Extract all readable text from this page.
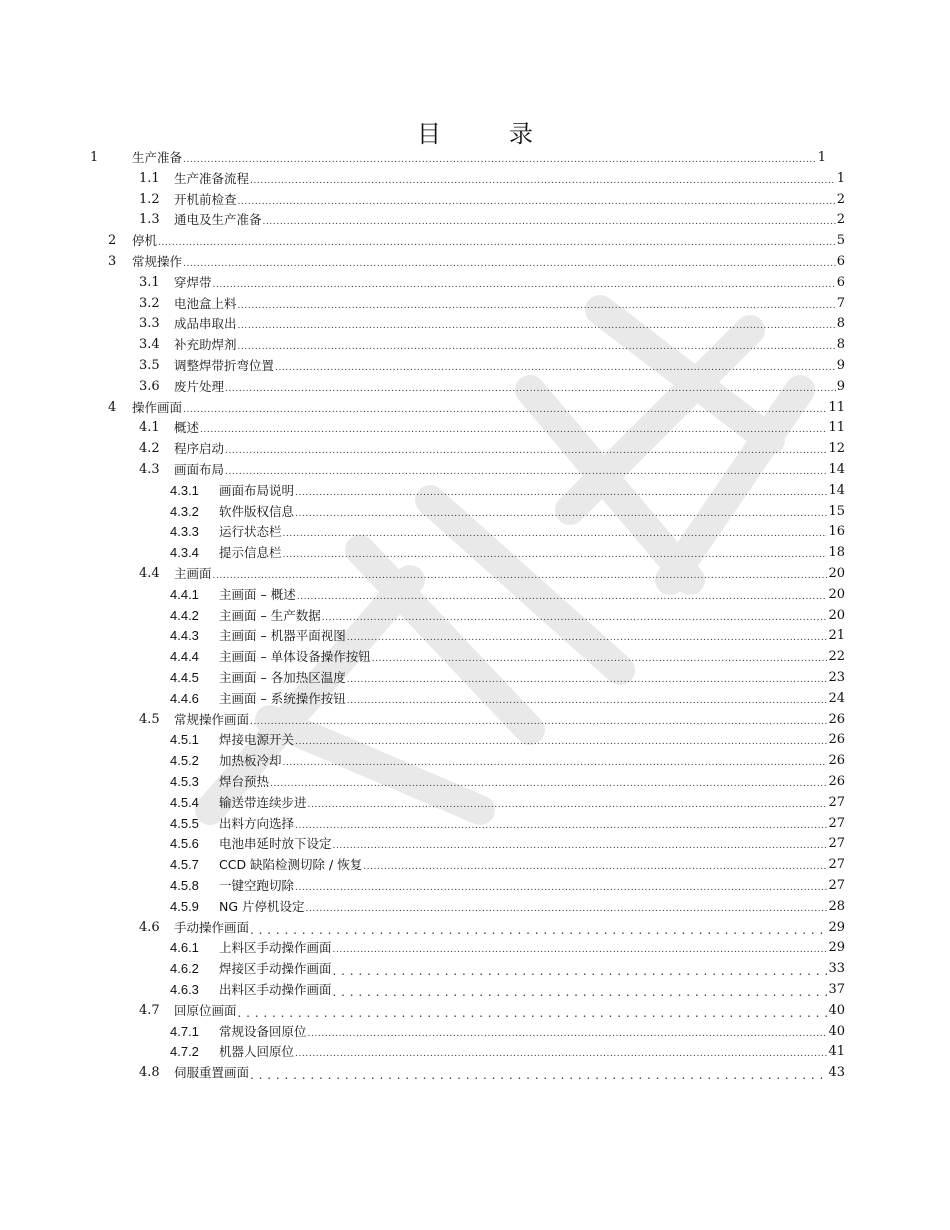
目　录
1	生产准备 .....	1
1.1	生产准备流程 .....	1
1.2	开机前检查 .....	2
1.3	通电及生产准备 .....	2
2	停机 .....	5
3	常规操作 .....	6
3.1	穿焊带 .....	6
3.2	电池盒上料 .....	7
3.3	成品串取出 .....	8
3.4	补充助焊剂 .....	8
3.5	调整焊带折弯位置 .....	9
3.6	废片处理 .....	9
4	操作画面 .....	11
4.1	概述 .....	11
4.2	程序启动 .....	12
4.3	画面布局 .....	14
4.3.1	画面布局说明 .....	14
4.3.2	软件版权信息 .....	15
4.3.3	运行状态栏 .....	16
4.3.4	提示信息栏 .....	18
4.4	主画面 .....	20
4.4.1	主画面 – 概述 .....	20
4.4.2	主画面 – 生产数据 .....	20
4.4.3	主画面 – 机器平面视图 .....	21
4.4.4	主画面 – 单体设备操作按钮 .....	22
4.4.5	主画面 – 各加热区温度 .....	23
4.4.6	主画面 – 系统操作按钮 .....	24
4.5	常规操作画面 .....	26
4.5.1	焊接电源开关 .....	26
4.5.2	加热板冷却 .....	26
4.5.3	焊台预热 .....	26
4.5.4	输送带连续步进 .....	27
4.5.5	出料方向选择 .....	27
4.5.6	电池串延时放下设定 .....	27
4.5.7	CCD 缺陷检测切除 / 恢复 .....	27
4.5.8	一键空跑切除 .....	27
4.5.9	NG 片停机设定 .....	28
4.6	手动操作画面 . . .	29
4.6.1	上料区手动操作画面 .....	29
4.6.2	焊接区手动操作画面 . . .	33
4.6.3	出料区手动操作画面 . . .	37
4.7	回原位画面 . . .	40
4.7.1	常规设备回原位 .....	40
4.7.2	机器人回原位 .....	41
4.8	伺服重置画面 . . .	43
